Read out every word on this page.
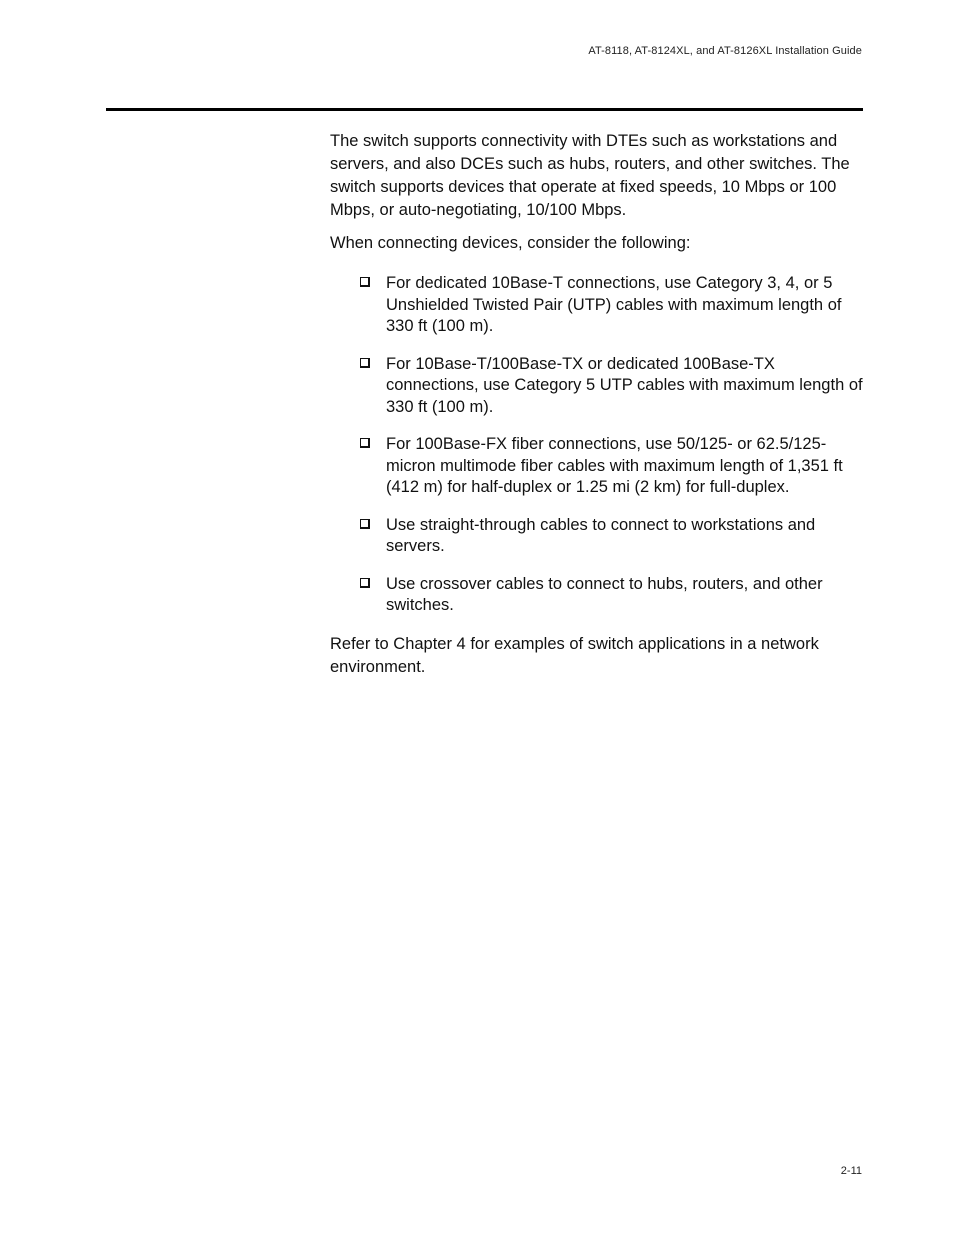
AT-8118, AT-8124XL, and AT-8126XL Installation Guide

The switch supports connectivity with DTEs such as workstations and servers, and also DCEs such as hubs, routers, and other switches. The switch supports devices that operate at fixed speeds, 10 Mbps or 100 Mbps, or auto-negotiating, 10/100 Mbps.

When connecting devices, consider the following:

For dedicated 10Base-T connections, use Category 3, 4, or 5 Unshielded Twisted Pair (UTP) cables with maximum length of 330 ft (100 m).
For 10Base-T/100Base-TX or dedicated 100Base-TX connections, use Category 5 UTP cables with maximum length of 330 ft (100 m).
For 100Base-FX fiber connections, use 50/125- or 62.5/125-micron multimode fiber cables with maximum length of 1,351 ft (412 m) for half-duplex or 1.25 mi (2 km) for full-duplex.
Use straight-through cables to connect to workstations and servers.
Use crossover cables to connect to hubs, routers, and other switches.

Refer to Chapter 4 for examples of switch applications in a network environment.

2-11
